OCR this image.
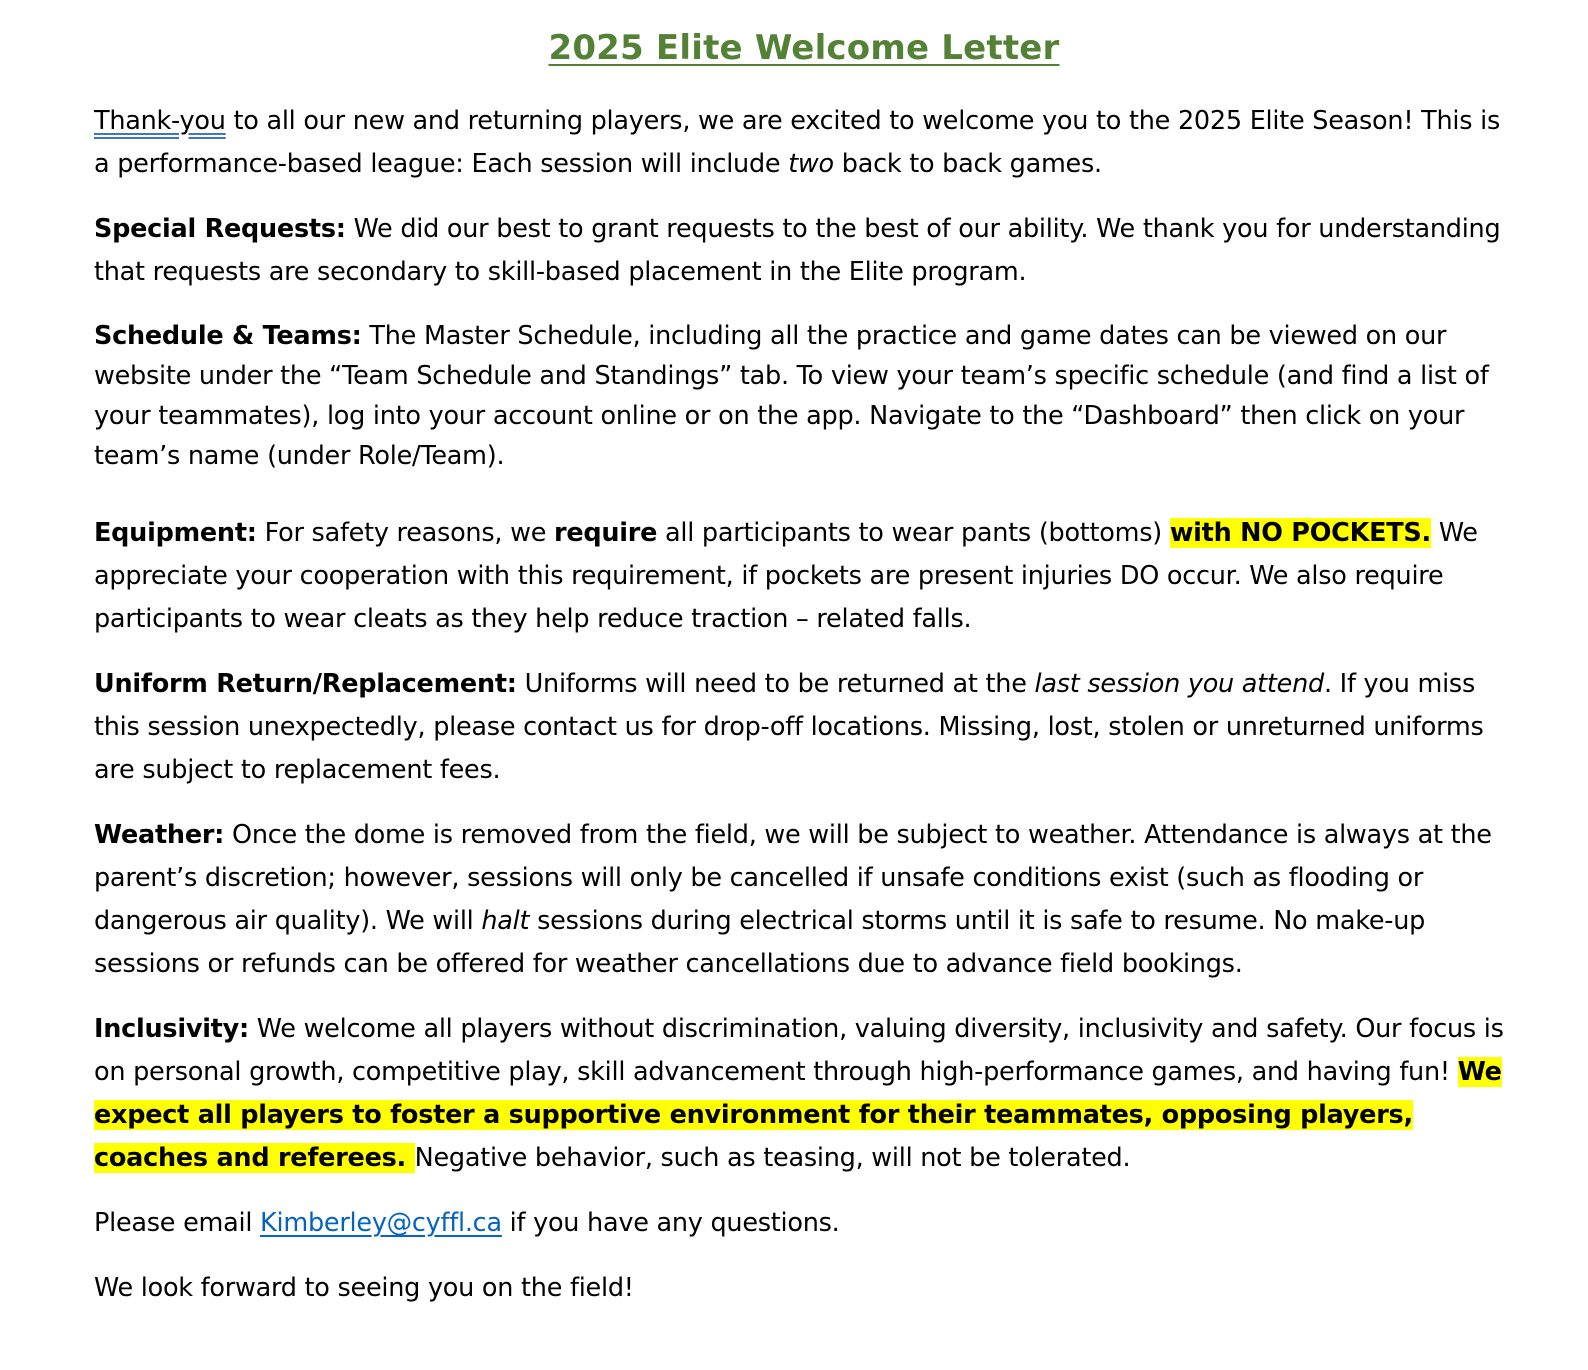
2025 Elite Welcome Letter

Thank-you to all our new and returning players, we are excited to welcome you to the 2025 Elite Season! This is a performance-based league: Each session will include two back to back games.

Special Requests: We did our best to grant requests to the best of our ability. We thank you for understanding that requests are secondary to skill-based placement in the Elite program.

Schedule & Teams: The Master Schedule, including all the practice and game dates can be viewed on our website under the “Team Schedule and Standings” tab. To view your team’s specific schedule (and find a list of your teammates), log into your account online or on the app. Navigate to the “Dashboard” then click on your team’s name (under Role/Team).

Equipment: For safety reasons, we require all participants to wear pants (bottoms) with NO POCKETS. We appreciate your cooperation with this requirement, if pockets are present injuries DO occur. We also require participants to wear cleats as they help reduce traction – related falls.

Uniform Return/Replacement: Uniforms will need to be returned at the last session you attend. If you miss this session unexpectedly, please contact us for drop-off locations. Missing, lost, stolen or unreturned uniforms are subject to replacement fees.

Weather: Once the dome is removed from the field, we will be subject to weather. Attendance is always at the parent’s discretion; however, sessions will only be cancelled if unsafe conditions exist (such as flooding or dangerous air quality). We will halt sessions during electrical storms until it is safe to resume. No make-up sessions or refunds can be offered for weather cancellations due to advance field bookings.

Inclusivity: We welcome all players without discrimination, valuing diversity, inclusivity and safety. Our focus is on personal growth, competitive play, skill advancement through high-performance games, and having fun! We expect all players to foster a supportive environment for their teammates, opposing players, coaches and referees. Negative behavior, such as teasing, will not be tolerated.

Please email Kimberley@cyffl.ca if you have any questions.

We look forward to seeing you on the field!
